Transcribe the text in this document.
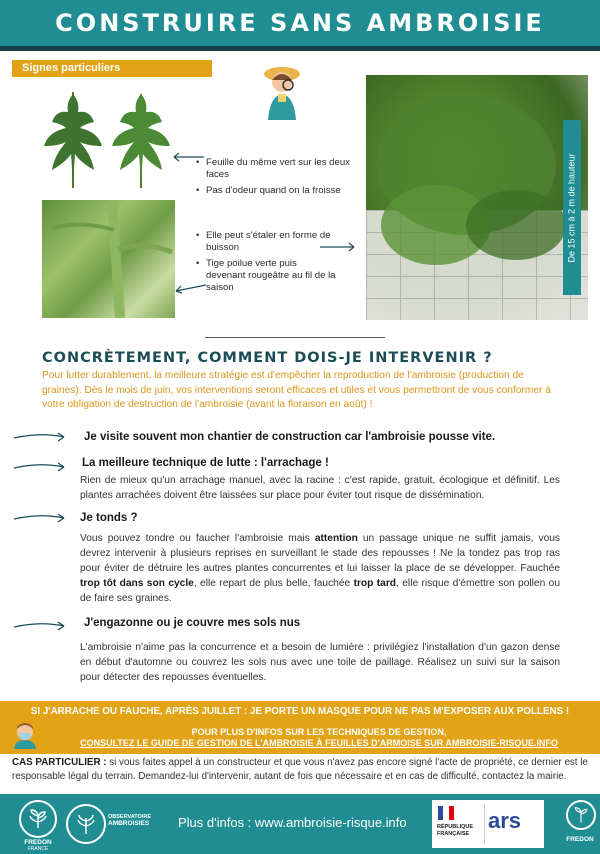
CONSTRUIRE SANS AMBROISIE
Signes particuliers
• Feuille du même vert sur les deux faces
• Pas d'odeur quand on la froisse
• Elle peut s'étaler en forme de buisson
• Tige poilue verte puis devenant rougeâtre au fil de la saison
De 15 cm à 2 m de hauteur
CONCRÈTEMENT, COMMENT DOIS-JE INTERVENIR ?
Pour lutter durablement, la meilleure stratégie est d'empêcher la reproduction de l'ambroisie (production de graines). Dès le mois de juin, vos interventions seront efficaces et utiles et vous permettront de vous conformer à votre obligation de destruction de l'ambroisie (avant la floraison en août) !
Je visite souvent mon chantier de construction car l'ambroisie pousse vite.
La meilleure technique de lutte : l'arrachage !
Rien de mieux qu'un arrachage manuel, avec la racine : c'est rapide, gratuit, écologique et définitif. Les plantes arrachées doivent être laissées sur place pour éviter tout risque de dissémination.
Je tonds ?
Vous pouvez tondre ou faucher l'ambroisie mais attention un passage unique ne suffit jamais, vous devrez intervenir à plusieurs reprises en surveillant le stade des repousses ! Ne la tondez pas trop ras pour éviter de détruire les autres plantes concurrentes et lui laisser la place de se développer. Fauchée trop tôt dans son cycle, elle repart de plus belle, fauchée trop tard, elle risque d'émettre son pollen ou de faire ses graines.
J'engazonne ou je couvre mes sols nus
L'ambroisie n'aime pas la concurrence et a besoin de lumière : privilégiez l'installation d'un gazon dense en début d'automne ou couvrez les sols nus avec une toile de paillage. Réalisez un suivi sur la saison pour détecter des repousses éventuelles.
SI J'ARRACHE OU FAUCHE, APRÈS JUILLET : JE PORTE UN MASQUE POUR NE PAS M'EXPOSER AUX POLLENS !
POUR PLUS D'INFOS SUR LES TECHNIQUES DE GESTION,
CONSULTEZ LE GUIDE DE GESTION DE L'AMBROISIE À FEUILLES D'ARMOISE SUR AMBROISIE-RISQUE.INFO
CAS PARTICULIER : si vous faites appel à un constructeur et que vous n'avez pas encore signé l'acte de propriété, ce dernier est le responsable légal du terrain. Demandez-lui d'intervenir, autant de fois que nécessaire et en cas de difficulté, contactez la mairie.
FREDON
FRANCE
OBSERVATOIRE
AMBROISIES Plus d'infos : www.ambroisie-risque.info
FREDON
RÉPUBLIQUE
FRANÇAISE
ars
